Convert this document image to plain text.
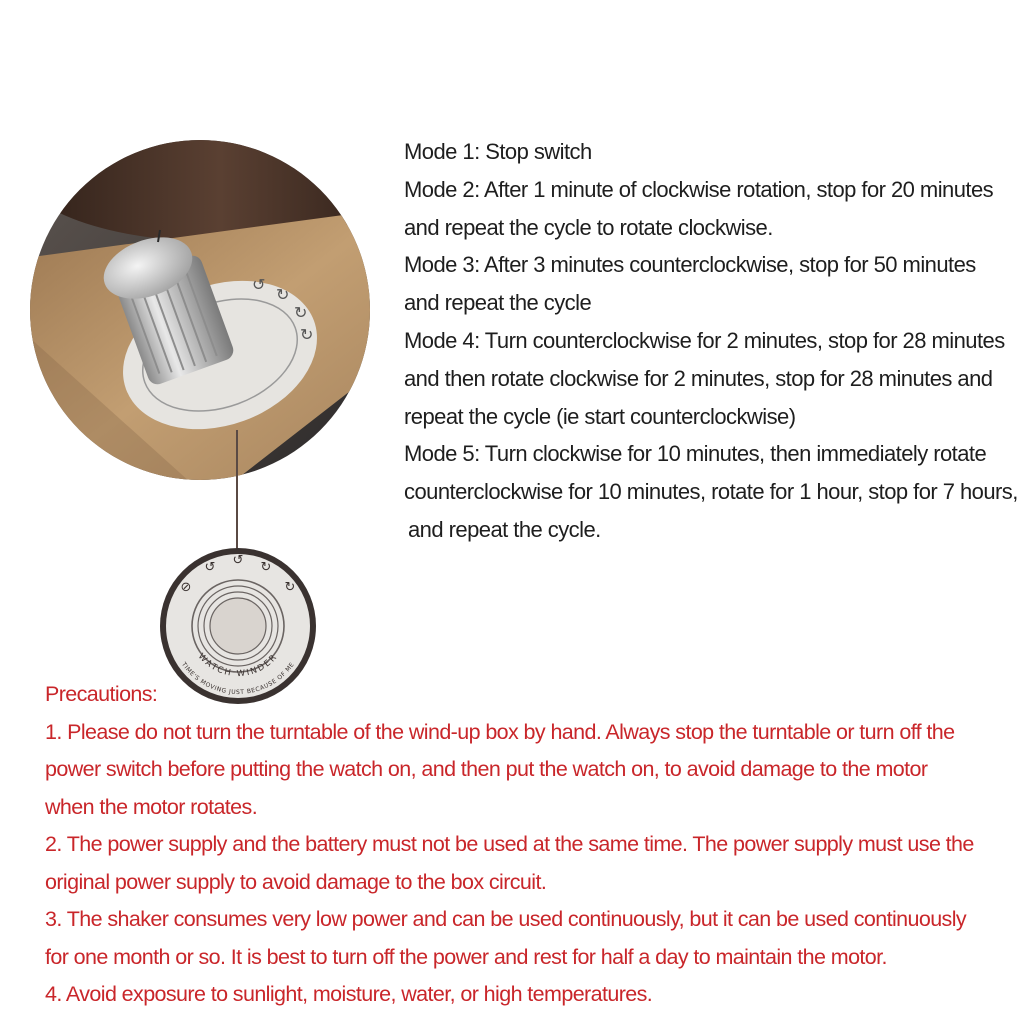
↺
↻
↻
↻
⊘
↺ ↺ ↻
↻
WATCH WINDER
TIME'S MOVING JUST BECAUSE OF ME
Mode 1: Stop switch
Mode 2: After 1 minute of clockwise rotation, stop for 20 minutes
and repeat the cycle to rotate clockwise.
Mode 3: After 3 minutes counterclockwise, stop for 50 minutes
and repeat the cycle
Mode 4: Turn counterclockwise for 2 minutes, stop for 28 minutes
and then rotate clockwise for 2 minutes, stop for 28 minutes and
repeat the cycle (ie start counterclockwise)
Mode 5: Turn clockwise for 10 minutes, then immediately rotate
counterclockwise for 10 minutes, rotate for 1 hour, stop for 7 hours,
and repeat the cycle.
Precautions:
1. Please do not turn the turntable of the wind-up box by hand. Always stop the turntable or turn off the
power switch before putting the watch on, and then put the watch on, to avoid damage to the motor
when the motor rotates.
2. The power supply and the battery must not be used at the same time. The power supply must use the
original power supply to avoid damage to the box circuit.
3. The shaker consumes very low power and can be used continuously, but it can be used continuously
for one month or so. It is best to turn off the power and rest for half a day to maintain the motor.
4. Avoid exposure to sunlight, moisture, water, or high temperatures.
